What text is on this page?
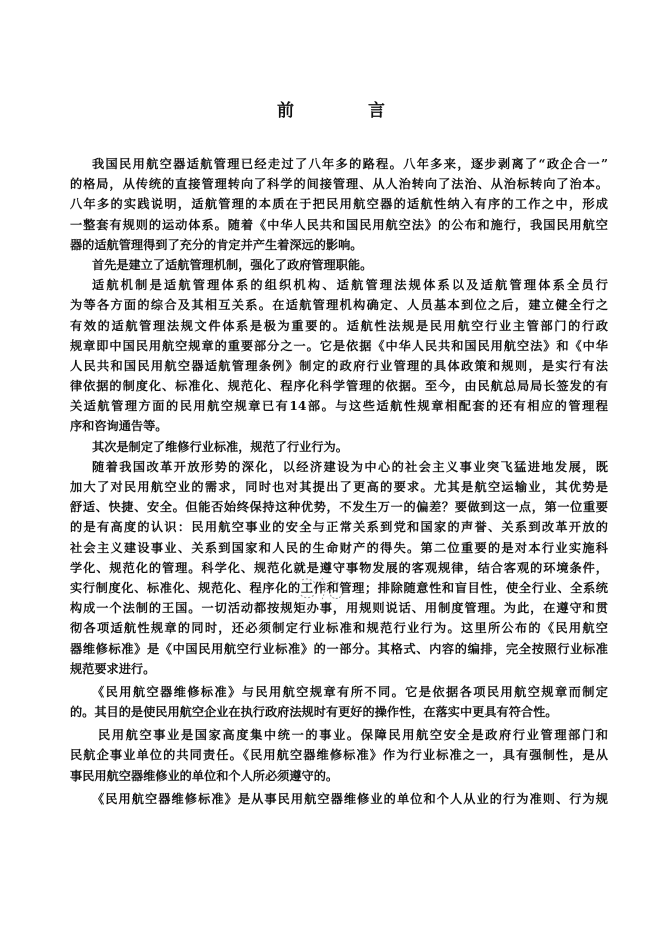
前 言
我国民用航空器适航管理已经走过了八年多的路程。八年多来，逐步剥离了“政企合一”
的格局，从传统的直接管理转向了科学的间接管理、从人治转向了法治、从治标转向了治本。
八年多的实践说明，适航管理的本质在于把民用航空器的适航性纳入有序的工作之中，形成
一整套有规则的运动体系。随着《中华人民共和国民用航空法》的公布和施行，我国民用航空
器的适航管理得到了充分的肯定并产生着深远的影响。
首先是建立了适航管理机制，强化了政府管理职能。
适航机制是适航管理体系的组织机构、适航管理法规体系以及适航管理体系全员行
为等各方面的综合及其相互关系。在适航管理机构确定、人员基本到位之后，建立健全行之
有效的适航管理法规文件体系是极为重要的。适航性法规是民用航空行业主管部门的行政
规章即中国民用航空规章的重要部分之一。它是依据《中华人民共和国民用航空法》和《中华
人民共和国民用航空器适航管理条例》制定的政府行业管理的具体政策和规则，是实行有法
律依据的制度化、标准化、规范化、程序化科学管理的依据。至今，由民航总局局长签发的有
关适航管理方面的民用航空规章已有14部。与这些适航性规章相配套的还有相应的管理程
序和咨询通告等。
其次是制定了维修行业标准，规范了行业行为。
随着我国改革开放形势的深化，以经济建设为中心的社会主义事业突飞猛进地发展，既
加大了对民用航空业的需求，同时也对其提出了更高的要求。尤其是航空运输业，其优势是
舒适、快捷、安全。但能否始终保持这种优势，不发生万一的偏差？要做到这一点，第一位重要
的是有高度的认识：民用航空事业的安全与正常关系到党和国家的声誉、关系到改革开放的
社会主义建设事业、关系到国家和人民的生命财产的得失。第二位重要的是对本行业实施科
学化、规范化的管理。科学化、规范化就是遵守事物发展的客观规律，结合客观的环境条件，
实行制度化、标准化、规范化、程序化的工作和管理；排除随意性和盲目性，使全行业、全系统
构成一个法制的王国。一切活动都按规矩办事，用规则说话、用制度管理。为此，在遵守和贯
彻各项适航性规章的同时，还必须制定行业标准和规范行业行为。这里所公布的《民用航空
器维修标准》是《中国民用航空行业标准》的一部分。其格式、内容的编排，完全按照行业标准
规范要求进行。
《民用航空器维修标准》与民用航空规章有所不同。它是依据各项民用航空规章而制定
的。其目的是使民用航空企业在执行政府法规时有更好的操作性，在落实中更具有符合性。
民用航空事业是国家高度集中统一的事业。保障民用航空安全是政府行业管理部门和
民航企事业单位的共同责任。《民用航空器维修标准》作为行业标准之一，具有强制性，是从
事民用航空器维修业的单位和个人所必须遵守的。
《民用航空器维修标准》是从事民用航空器维修业的单位和个人从业的行为准则、行为规
